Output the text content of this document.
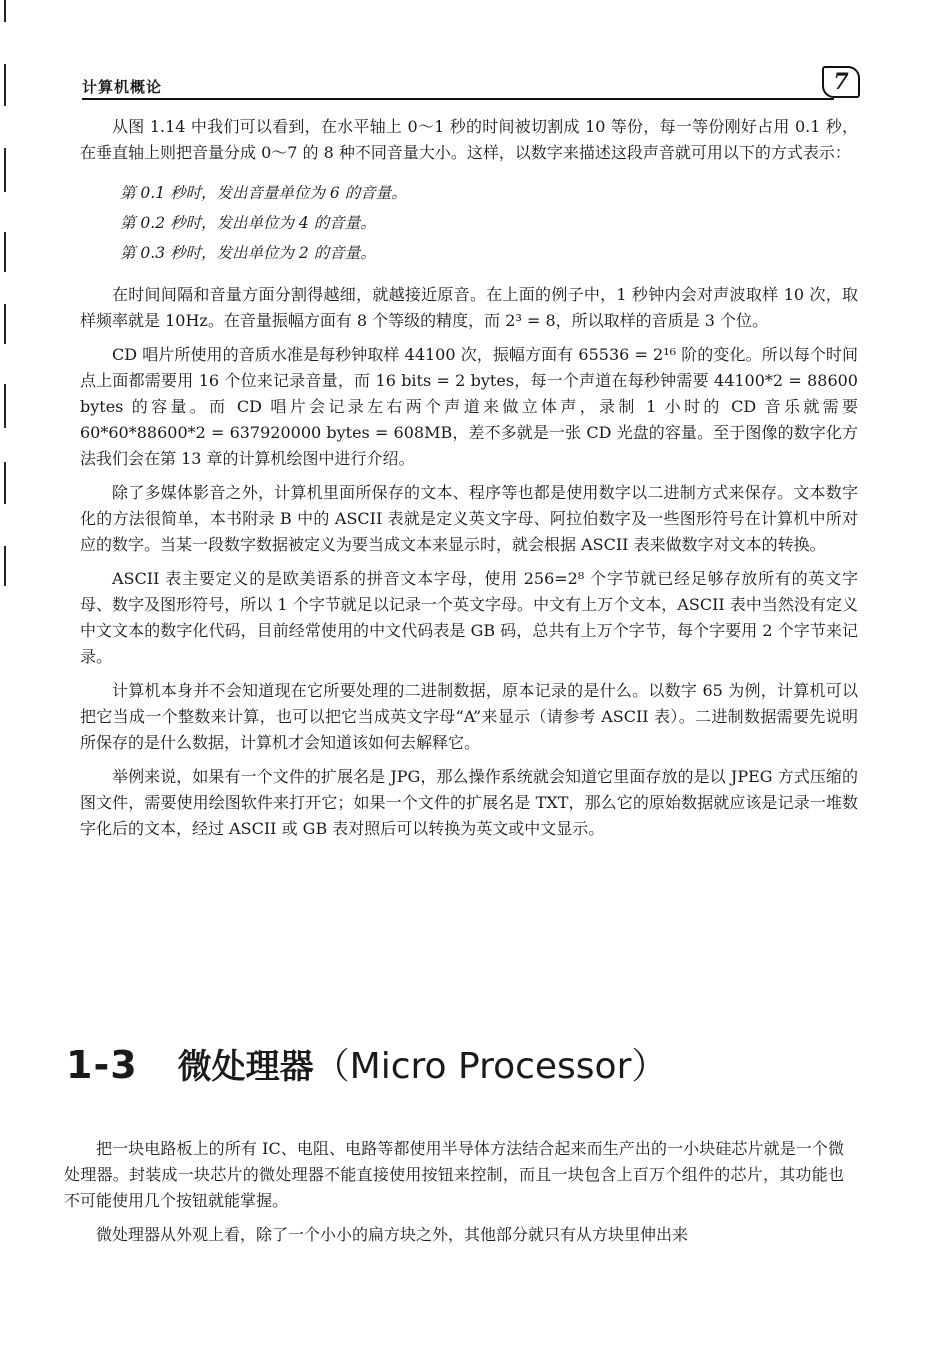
计算机概论	7

从图 1.14 中我们可以看到，在水平轴上 0～1 秒的时间被切割成 10 等份，每一等份刚好占用 0.1 秒，在垂直轴上则把音量分成 0～7 的 8 种不同音量大小。这样，以数字来描述这段声音就可用以下的方式表示：

第 0.1 秒时，发出音量单位为 6 的音量。

第 0.2 秒时，发出单位为 4 的音量。

第 0.3 秒时，发出单位为 2 的音量。

在时间间隔和音量方面分割得越细，就越接近原音。在上面的例子中，1 秒钟内会对声波取样 10 次，取样频率就是 10Hz。在音量振幅方面有 8 个等级的精度，而 2³ = 8，所以取样的音质是 3 个位。

CD 唱片所使用的音质水准是每秒钟取样 44100 次，振幅方面有 65536 = 2¹⁶ 阶的变化。所以每个时间点上面都需要用 16 个位来记录音量，而 16 bits = 2 bytes，每一个声道在每秒钟需要 44100*2 = 88600 bytes 的容量。而 CD 唱片会记录左右两个声道来做立体声，录制 1 小时的 CD 音乐就需要 60*60*88600*2 = 637920000 bytes = 608MB，差不多就是一张 CD 光盘的容量。至于图像的数字化方法我们会在第 13 章的计算机绘图中进行介绍。

除了多媒体影音之外，计算机里面所保存的文本、程序等也都是使用数字以二进制方式来保存。文本数字化的方法很简单，本书附录 B 中的 ASCII 表就是定义英文字母、阿拉伯数字及一些图形符号在计算机中所对应的数字。当某一段数字数据被定义为要当成文本来显示时，就会根据 ASCII 表来做数字对文本的转换。

ASCII 表主要定义的是欧美语系的拼音文本字母，使用 256=2⁸ 个字节就已经足够存放所有的英文字母、数字及图形符号，所以 1 个字节就足以记录一个英文字母。中文有上万个文本，ASCII 表中当然没有定义中文文本的数字化代码，目前经常使用的中文代码表是 GB 码，总共有上万个字节，每个字要用 2 个字节来记录。

计算机本身并不会知道现在它所要处理的二进制数据，原本记录的是什么。以数字 65 为例，计算机可以把它当成一个整数来计算，也可以把它当成英文字母“A”来显示（请参考 ASCII 表）。二进制数据需要先说明所保存的是什么数据，计算机才会知道该如何去解释它。

举例来说，如果有一个文件的扩展名是 JPG，那么操作系统就会知道它里面存放的是以 JPEG 方式压缩的图文件，需要使用绘图软件来打开它；如果一个文件的扩展名是 TXT，那么它的原始数据就应该是记录一堆数字化后的文本，经过 ASCII 或 GB 表对照后可以转换为英文或中文显示。

1-3 微处理器（Micro Processor）

把一块电路板上的所有 IC、电阻、电路等都使用半导体方法结合起来而生产出的一小块硅芯片就是一个微处理器。封装成一块芯片的微处理器不能直接使用按钮来控制，而且一块包含上百万个组件的芯片，其功能也不可能使用几个按钮就能掌握。

微处理器从外观上看，除了一个小小的扁方块之外，其他部分就只有从方块里伸出来
